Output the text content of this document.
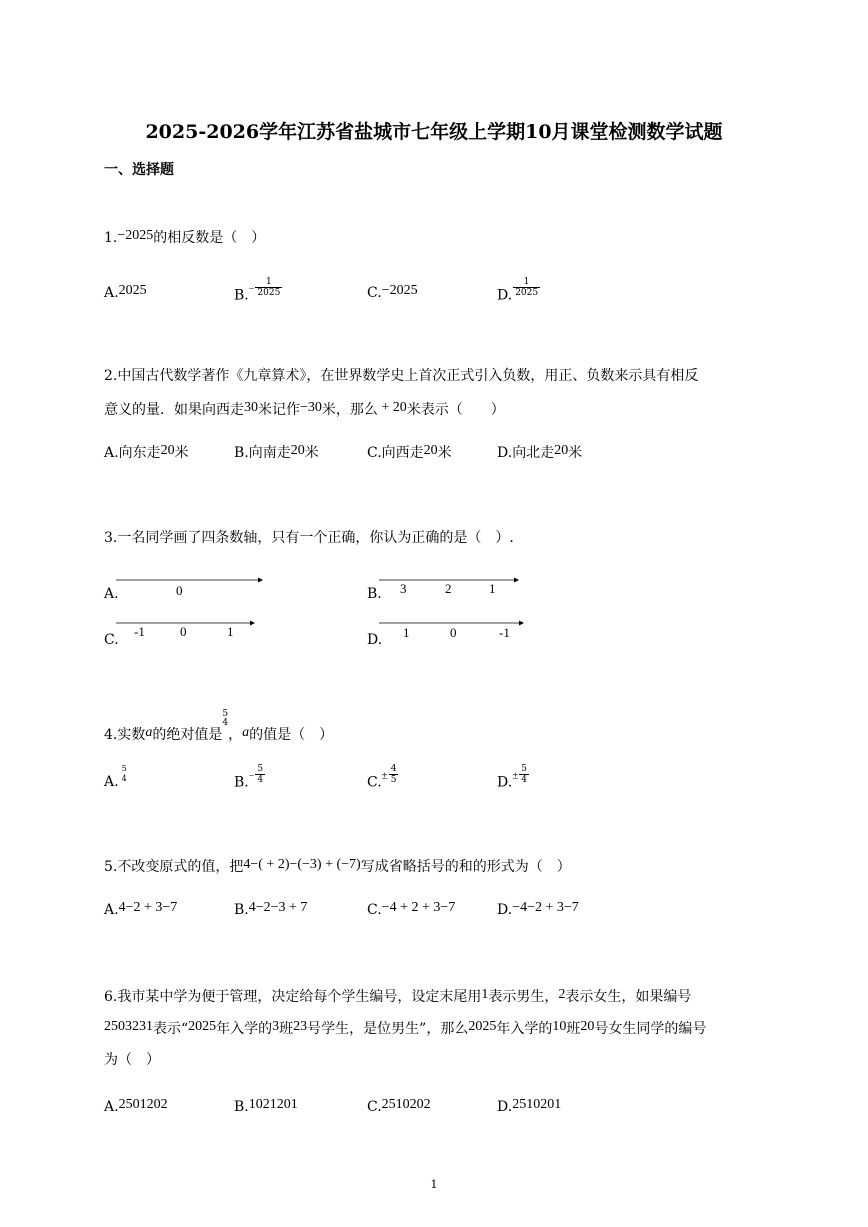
2025-2026学年江苏省盐城市七年级上学期10月课堂检测数学试题
一、选择题
1.−2025的相反数是（　）
A.2025	$B.- \frac{1}{2025}$	C.−2025	D. $\frac{1}{2025}$
2.中国古代数学著作《九章算术》，在世界数学史上首次正式引入负数，用正、负数来示具有相反
意义的量．如果向西走30米记作−30米，那么 + 20米表示（　　）
A.向东走20米	B.向南走20米	C.向西走20米	D.向北走20米
3.一名同学画了四条数轴，只有一个正确，你认为正确的是（　）.
A.	0	B. 3	2	1
C.
-1	0	1
D. 1	0	-1
4.实数a的绝对值是
5
4
，a的值是（　）
A.
5
4	$B.- \frac{5}{4}$	$C.\pm \frac{4}{5}$	$D.\pm \frac{5}{4}$
5.不改变原式的值，把4−( + 2)−(−3) + (−7)写成省略括号的和的形式为（　）
A.4−2 + 3−7	B.4−2−3 + 7	C.−4 + 2 + 3−7	D.−4−2 + 3−7
6.我市某中学为便于管理，决定给每个学生编号，设定末尾用1表示男生，2表示女生，如果编号
2503231表示“2025年入学的3班23号学生，是位男生”，那么2025年入学的10班20号女生同学的编号
为（　）
A.2501202	B.1021201	C.2510202	D.2510201
1
